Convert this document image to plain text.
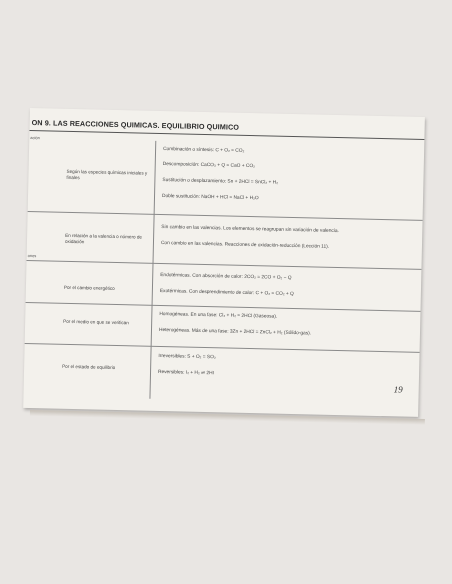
ON 9. LAS REACCIONES QUIMICAS. EQUILIBRIO QUIMICO
ación
ones
Según las especies químicas iniciales y finales
Combinación o síntesis: C + O₂ = CO₂
Descomposición: CaCO₃ + Q = CaO + CO₂
Sustitución o desplazamiento: Sn + 2HCl = SnCl₂ + H₂
Doble sustitución: NaOH + HCl = NaCl + H₂O
En relación a la valencia o número de oxidación
Sin cambio en las valencias. Los elementos se reagrupan sin variación de valencia.
Con cambio en las valencias. Reacciones de oxidación-reducción (Lección 11).
Por el cambio energético
Endotérmicas. Con absorción de calor: 2CO₂ = 2CO + O₂ − Q
Exotérmicas. Con desprendimiento de calor: C + O₂ = CO₂ + Q
Por el medio en que se verifican
Homogéneas. En una fase: Cl₂ + H₂ = 2HCl (Gaseosa).
Heterogéneas. Más de una fase: 3Zn + 2HCl = ZnCl₂ + H₂ (Sólido-gas).
Por el estado de equilibrio
Irreversibles: S + O₂ = SO₂
Reversibles: I₂ + H₂ ⇌ 2HI
19
